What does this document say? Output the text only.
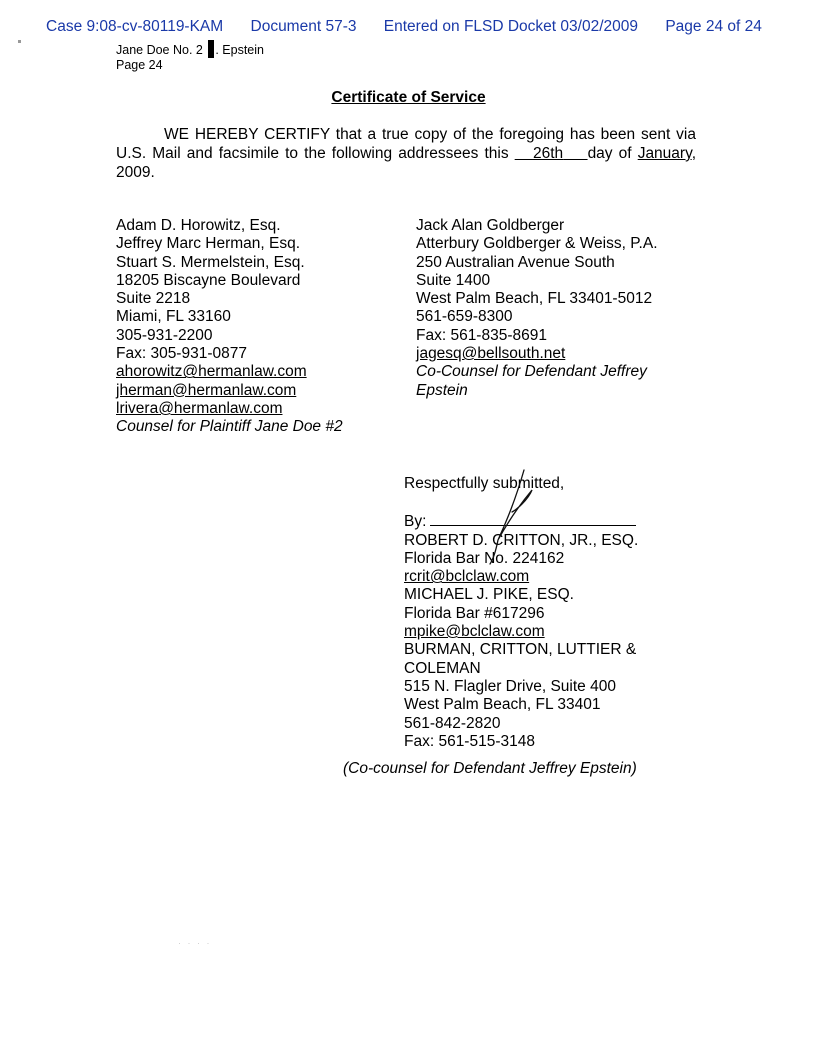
Case 9:08-cv-80119-KAM Document 57-3 Entered on FLSD Docket 03/02/2009 Page 24 of 24
Jane Doe No. 2 . Epstein
Page 24
Certificate of Service
WE HEREBY CERTIFY that a true copy of the foregoing has been sent via U.S. Mail and facsimile to the following addressees this    26th day of January, 2009.
Adam D. Horowitz, Esq.
Jeffrey Marc Herman, Esq.
Stuart S. Mermelstein, Esq.
18205 Biscayne Boulevard
Suite 2218
Miami, FL 33160
305-931-2200
Fax: 305-931-0877
ahorowitz@hermanlaw.com
jherman@hermanlaw.com
lrivera@hermanlaw.com
Counsel for Plaintiff Jane Doe #2
Jack Alan Goldberger
Atterbury Goldberger & Weiss, P.A.
250 Australian Avenue South
Suite 1400
West Palm Beach, FL 33401-5012
561-659-8300
Fax: 561-835-8691
jagesq@bellsouth.net
Co-Counsel for Defendant Jeffrey
Epstein
Respectfully submitted,
By:
ROBERT D. CRITTON, JR., ESQ.
Florida Bar No. 224162
rcrit@bclclaw.com
MICHAEL J. PIKE, ESQ.
Florida Bar #617296
mpike@bclclaw.com
BURMAN, CRITTON, LUTTIER &
COLEMAN
515 N. Flagler Drive, Suite 400
West Palm Beach, FL 33401
561-842-2820
Fax: 561-515-3148
(Co-counsel for Defendant Jeffrey Epstein)
· · · ·
